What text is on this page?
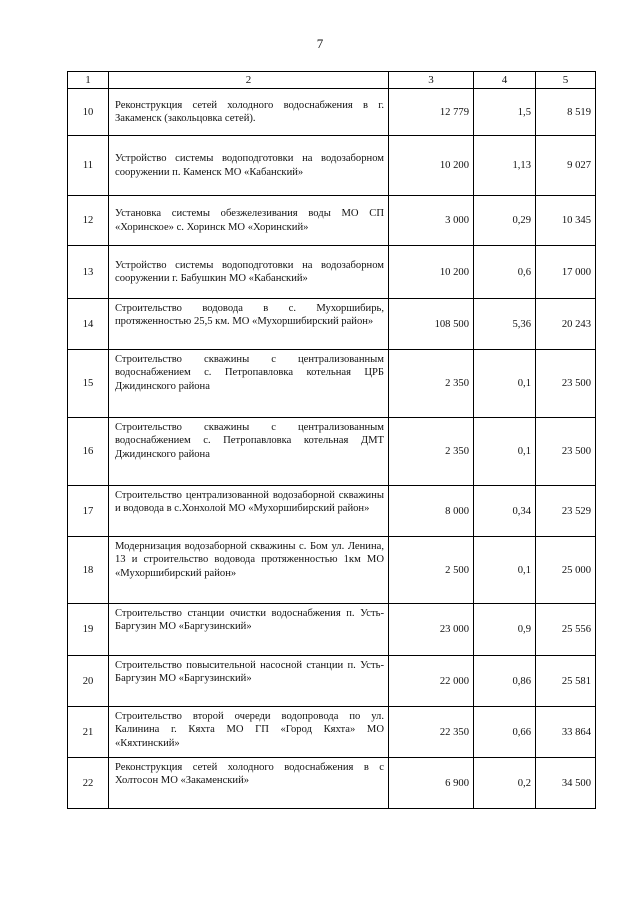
7
1	2	3	4	5
10	Реконструкция сетей холодного водоснабжения в г. Закаменск (закольцовка сетей).	12 779	1,5	8 519
11	Устройство системы водоподготовки на водозаборном сооружении п. Каменск МО «Кабанский»	10 200	1,13	9 027
12	Установка системы обезжелезивания воды МО СП «Хоринское» с. Хоринск МО «Хоринский»	3 000	0,29	10 345
13	Устройство системы водоподготовки на водозаборном сооружении г. Бабушкин МО «Кабанский»	10 200	0,6	17 000
14	Строительство водовода в с. Мухоршибирь, протяженностью 25,5 км. МО «Мухоршибирский район»	108 500	5,36	20 243
15	Строительство скважины с централизованным водоснабжением с. Петропавловка котельная ЦРБ Джидинского района	2 350	0,1	23 500
16	Строительство скважины с централизованным водоснабжением с. Петропавловка котельная ДМТ Джидинского района	2 350	0,1	23 500
17	Строительство централизованной водозаборной скважины и водовода в с.Хонхолой МО «Мухоршибирский район»	8 000	0,34	23 529
18	Модернизация водозаборной скважины с. Бом ул. Ленина, 13 и строительство водовода протяженностью 1км МО «Мухоршибирский район»	2 500	0,1	25 000
19	Строительство станции очистки водоснабжения п. Усть-Баргузин МО «Баргузинский»	23 000	0,9	25 556
20	Строительство повысительной насосной станции п. Усть-Баргузин МО «Баргузинский»	22 000	0,86	25 581
21	Строительство второй очереди водопровода по ул. Калинина г. Кяхта МО ГП «Город Кяхта» МО «Кяхтинский»	22 350	0,66	33 864
22	Реконструкция сетей холодного водоснабжения в с Холтосон МО «Закаменский»	6 900	0,2	34 500
